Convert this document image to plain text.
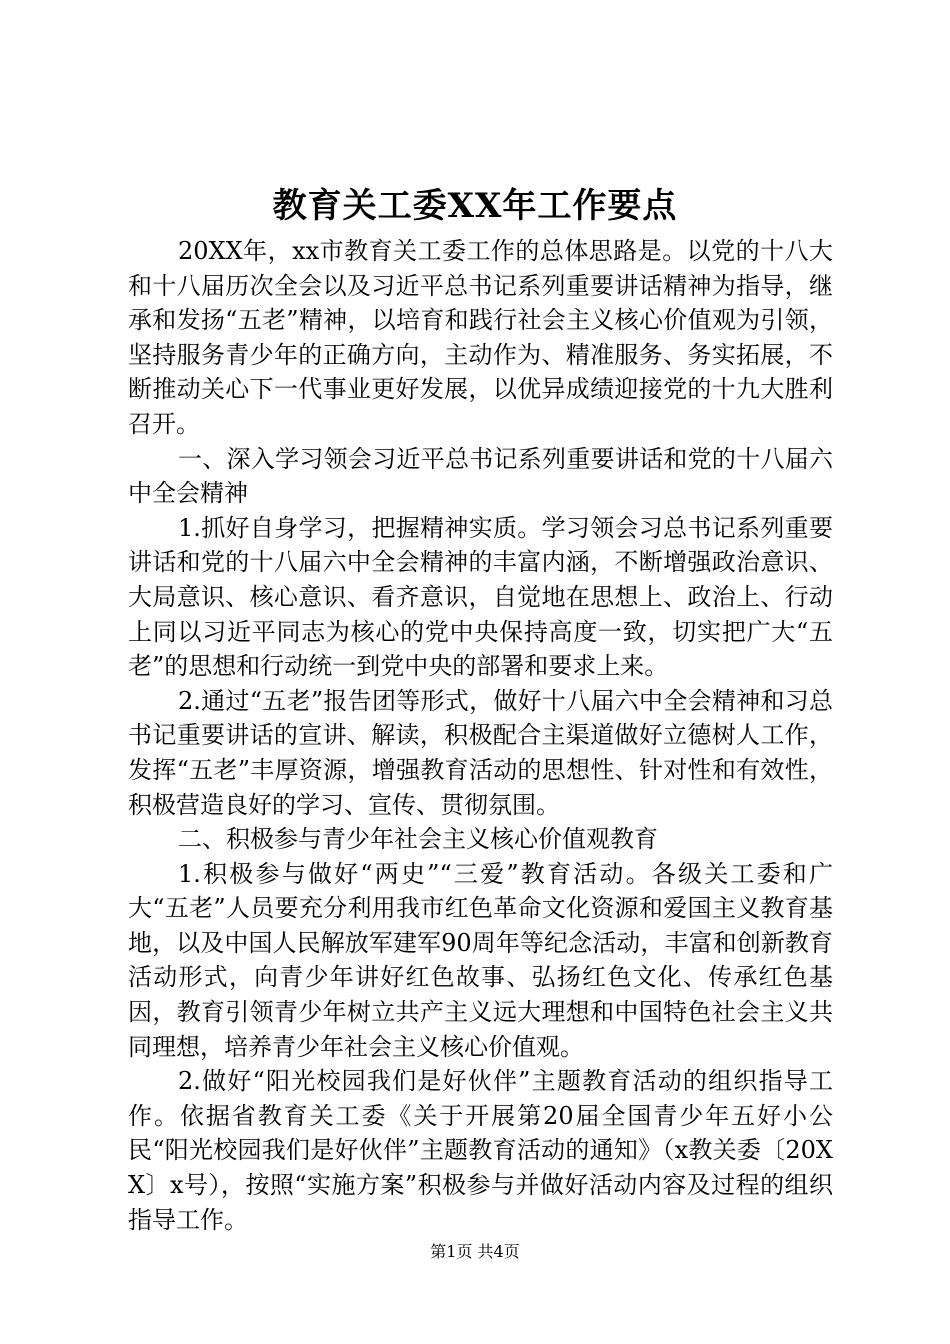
教育关工委XX年工作要点

20XX年，xx市教育关工委工作的总体思路是。以党的十八大和十八届历次全会以及习近平总书记系列重要讲话精神为指导，继承和发扬“五老”精神，以培育和践行社会主义核心价值观为引领，坚持服务青少年的正确方向，主动作为、精准服务、务实拓展，不断推动关心下一代事业更好发展，以优异成绩迎接党的十九大胜利召开。

一、深入学习领会习近平总书记系列重要讲话和党的十八届六中全会精神

1.抓好自身学习，把握精神实质。学习领会习总书记系列重要讲话和党的十八届六中全会精神的丰富内涵，不断增强政治意识、大局意识、核心意识、看齐意识，自觉地在思想上、政治上、行动上同以习近平同志为核心的党中央保持高度一致，切实把广大“五老”的思想和行动统一到党中央的部署和要求上来。

2.通过“五老”报告团等形式，做好十八届六中全会精神和习总书记重要讲话的宣讲、解读，积极配合主渠道做好立德树人工作，发挥“五老”丰厚资源，增强教育活动的思想性、针对性和有效性，积极营造良好的学习、宣传、贯彻氛围。

二、积极参与青少年社会主义核心价值观教育

1.积极参与做好“两史”“三爱”教育活动。各级关工委和广大“五老”人员要充分利用我市红色革命文化资源和爱国主义教育基地，以及中国人民解放军建军90周年等纪念活动，丰富和创新教育活动形式，向青少年讲好红色故事、弘扬红色文化、传承红色基因，教育引领青少年树立共产主义远大理想和中国特色社会主义共同理想，培养青少年社会主义核心价值观。

2.做好“阳光校园我们是好伙伴”主题教育活动的组织指导工作。依据省教育关工委《关于开展第20届全国青少年五好小公民“阳光校园我们是好伙伴”主题教育活动的通知》（x教关委〔20XX〕x号），按照“实施方案”积极参与并做好活动内容及过程的组织指导工作。

第1页 共4页
